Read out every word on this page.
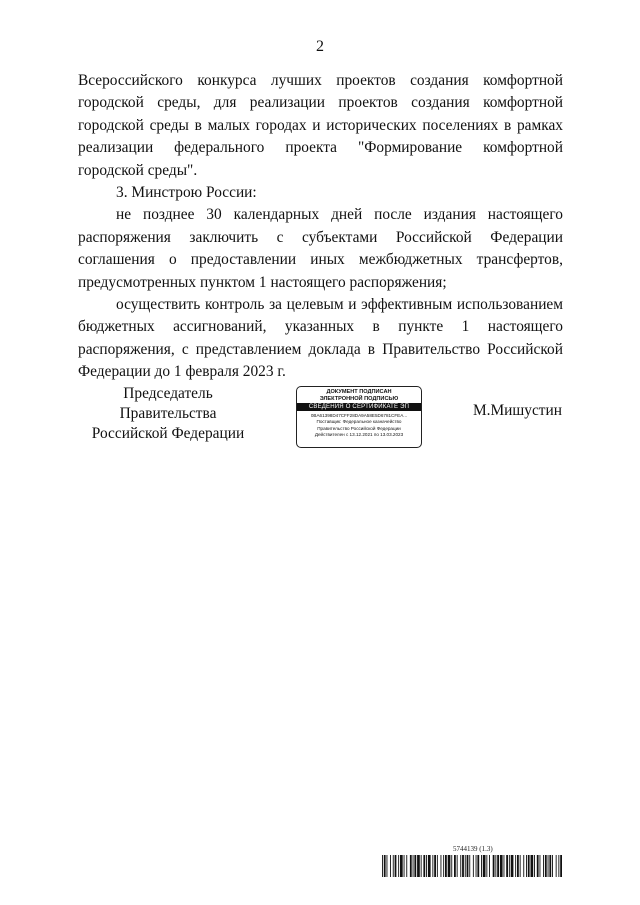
2

Всероссийского конкурса лучших проектов создания комфортной городской среды, для реализации проектов создания комфортной городской среды в малых городах и исторических поселениях в рамках реализации федерального проекта "Формирование комфортной городской среды".

3. Минстрою России:

не позднее 30 календарных дней после издания настоящего распоряжения заключить с субъектами Российской Федерации соглашения о предоставлении иных межбюджетных трансфертов, предусмотренных пунктом 1 настоящего распоряжения;

осуществить контроль за целевым и эффективным использованием бюджетных ассигнований, указанных в пункте 1 настоящего распоряжения, с представлением доклада в Правительство Российской Федерации до 1 февраля 2023 г.

Председатель Правительства
Российской Федерации
ДОКУМЕНТ ПОДПИСАН
ЭЛЕКТРОННОЙ ПОДПИСЬЮ
СВЕДЕНИЯ О СЕРТИФИКАТЕ ЭП
0BA61398D47CFF28DA9A58E5D6781CFEA...
Поставщик: Федеральное казначейство
Правительство Российской Федерации
Действителен с 13.12.2021 по 13.03.2023
М.Мишустин
5744139 (1.3)
